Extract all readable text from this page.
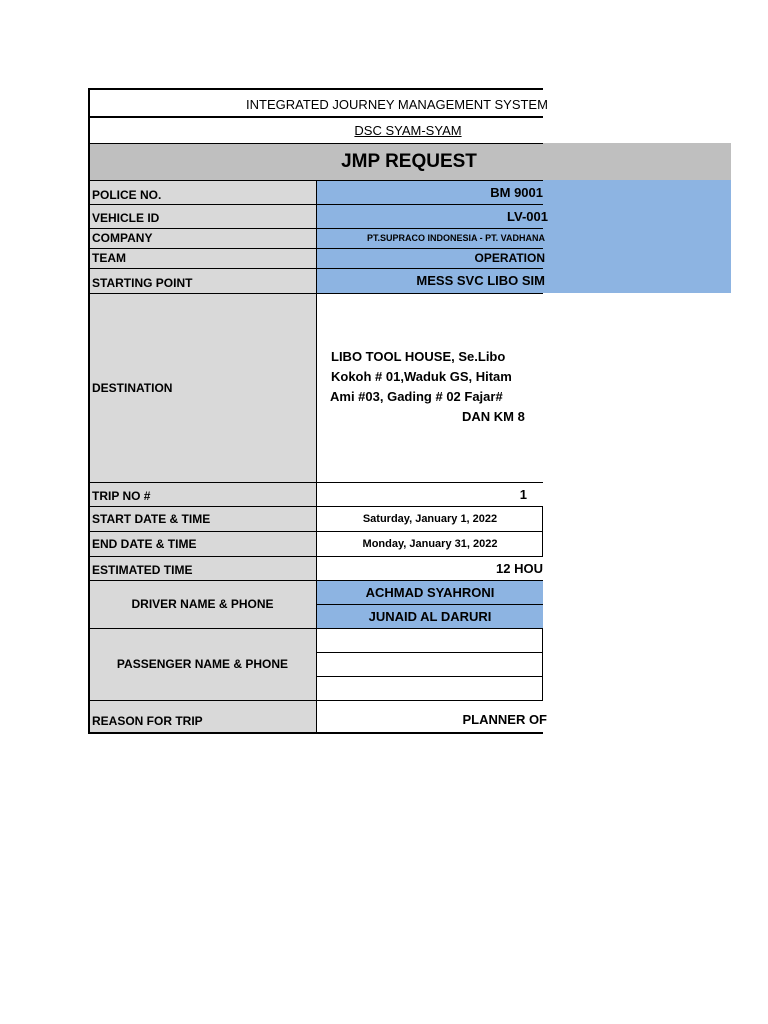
INTEGRATED JOURNEY MANAGEMENT SYSTEM
DSC SYAM-SYAM
JMP REQUEST
POLICE NO.
VEHICLE ID
COMPANY
TEAM
STARTING POINT
DESTINATION
TRIP NO #
START DATE & TIME
END DATE & TIME
ESTIMATED TIME
DRIVER NAME & PHONE
PASSENGER NAME & PHONE
REASON FOR TRIP
BM 9001
LV-001
PT.SUPRACO INDONESIA - PT. VADHANA
OPERATION
MESS SVC LIBO SIM
LIBO TOOL HOUSE, Se.Libo
Kokoh # 01,Waduk GS, Hitam
Ami #03, Gading # 02 Fajar#
DAN KM 8
1
Saturday, January 1, 2022
Monday, January 31, 2022
12 HOU
ACHMAD SYAHRONI
JUNAID AL DARURI
PLANNER OF
